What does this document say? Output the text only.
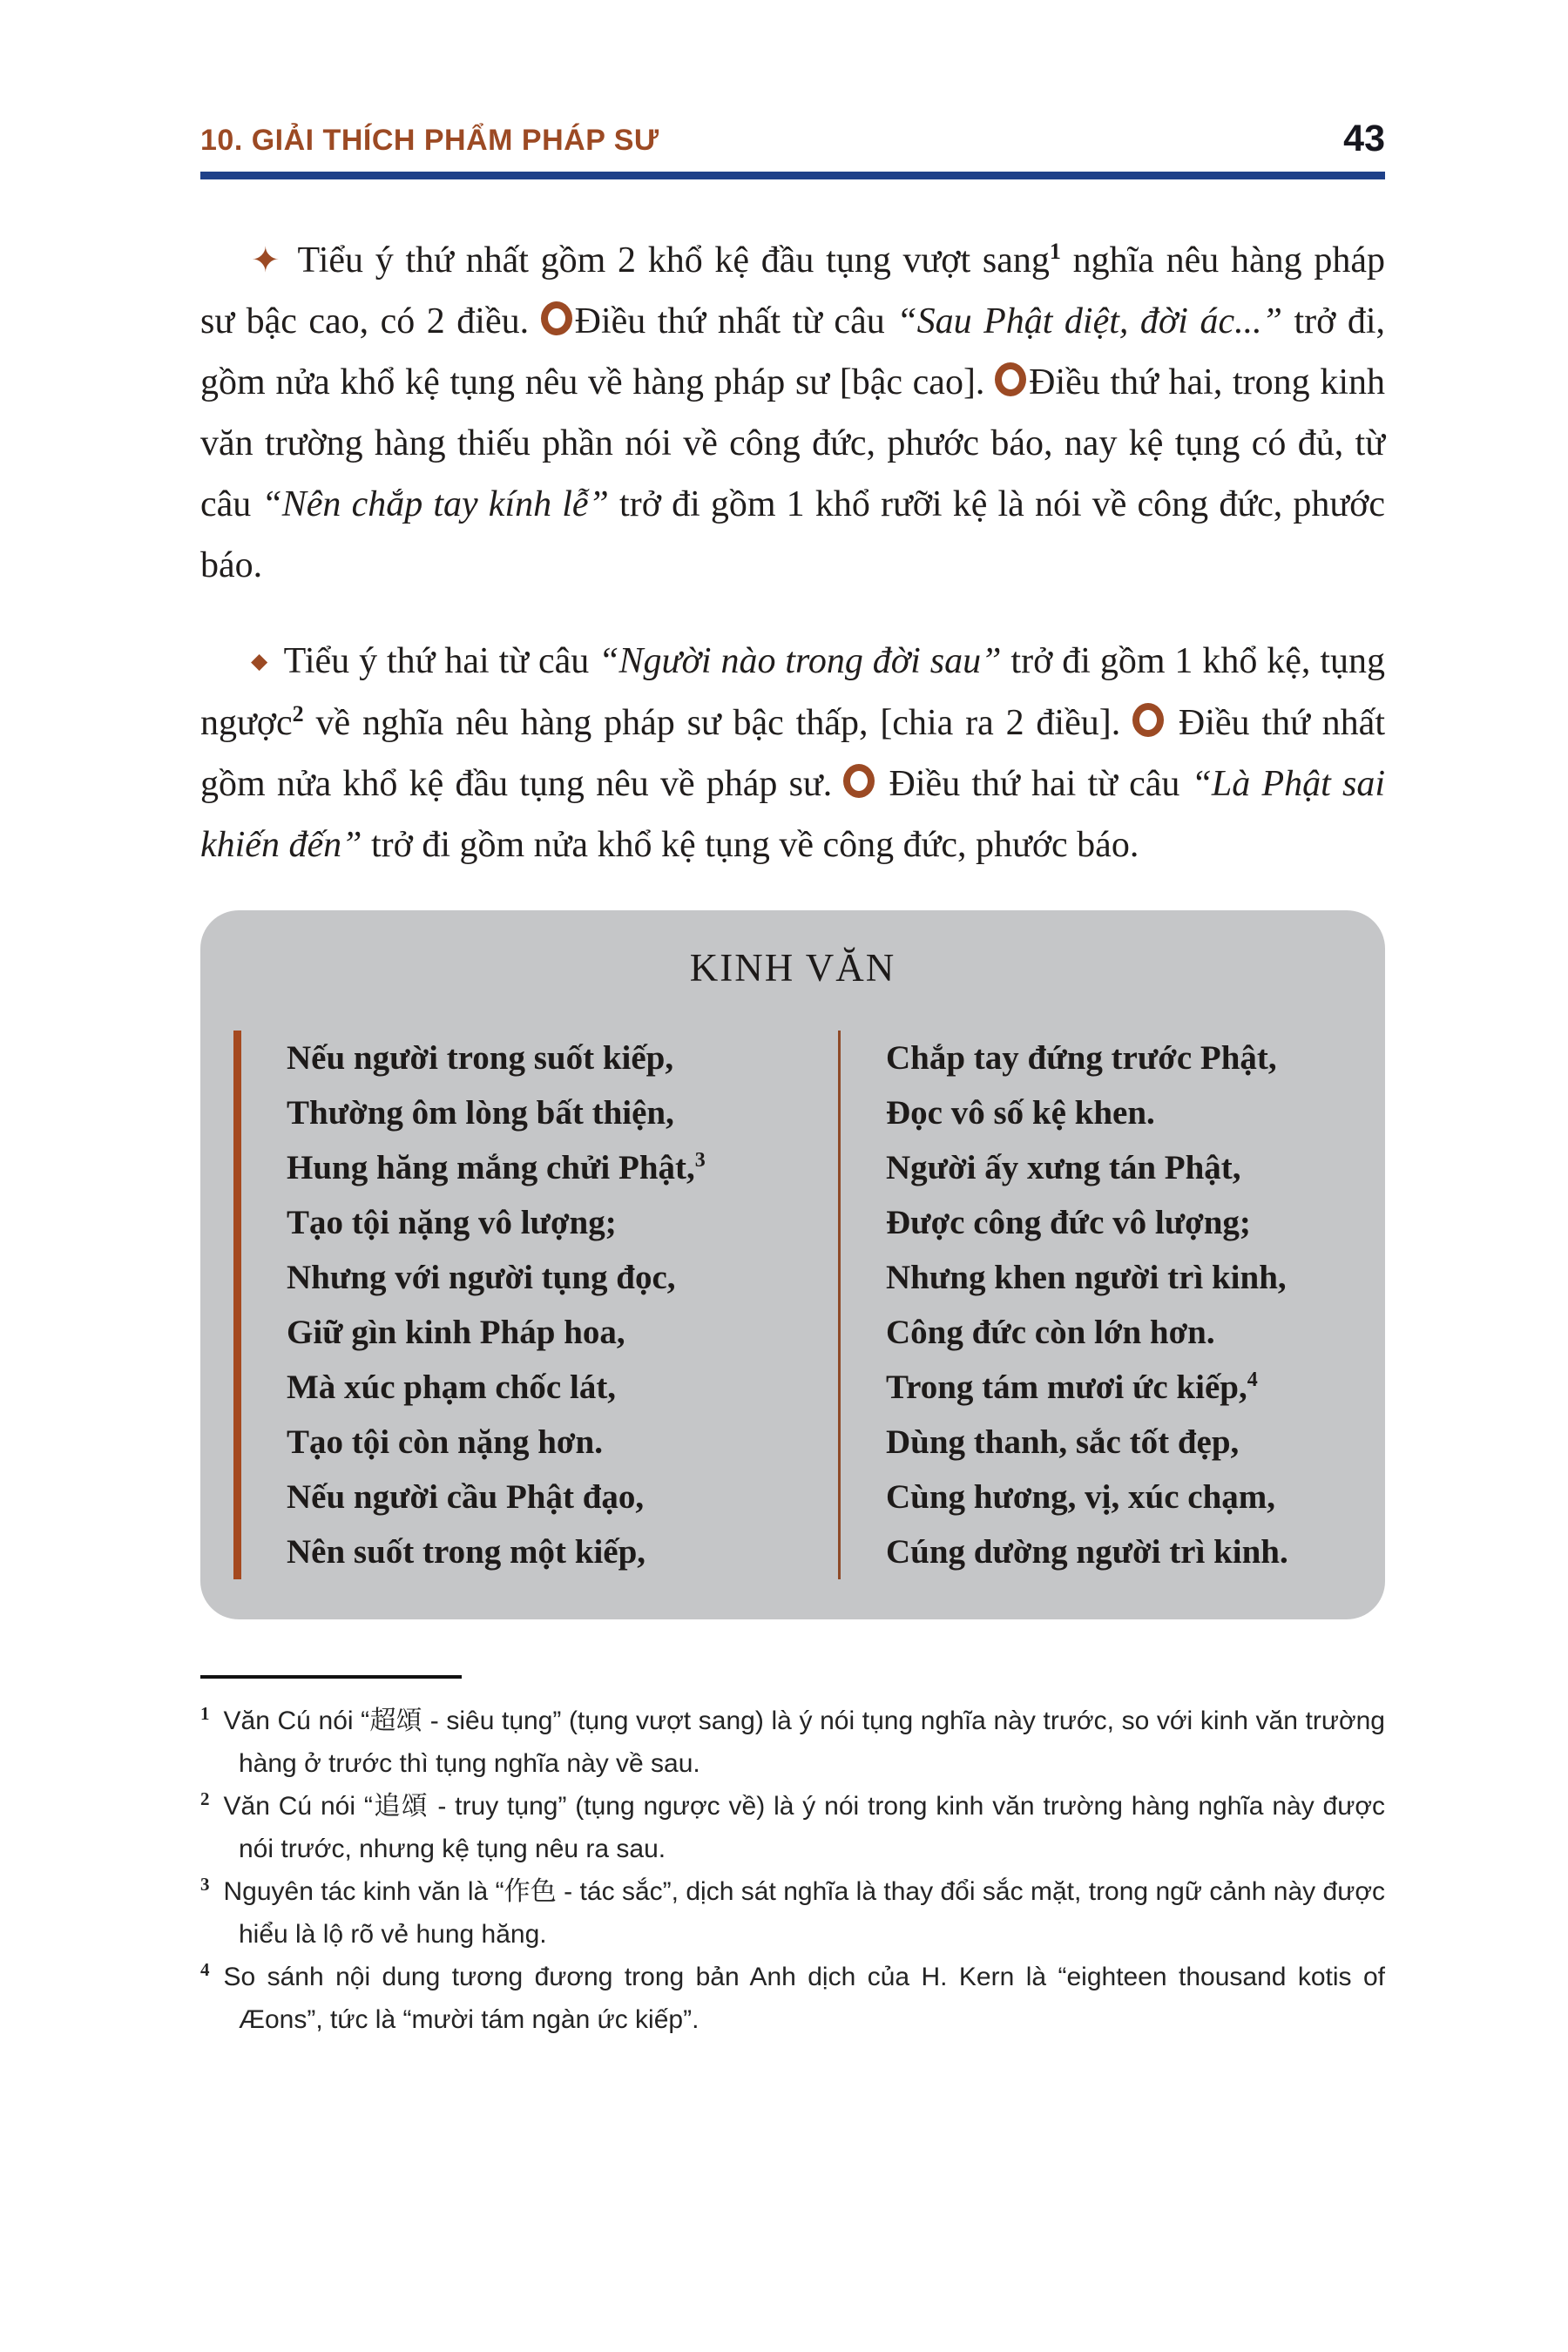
10. GIẢI THÍCH PHẨM PHÁP SƯ	43
✦ Tiểu ý thứ nhất gồm 2 khổ kệ đầu tụng vượt sang$^1$ nghĩa nêu hàng pháp sư bậc cao, có 2 điều. Điều thứ nhất từ câu “Sau Phật diệt, đời ác...” trở đi, gồm nửa khổ kệ tụng nêu về hàng pháp sư [bậc cao]. Điều thứ hai, trong kinh văn trường hàng thiếu phần nói về công đức, phước báo, nay kệ tụng có đủ, từ câu “Nên chắp tay kính lễ” trở đi gồm 1 khổ rưỡi kệ là nói về công đức, phước báo.
◆ Tiểu ý thứ hai từ câu “Người nào trong đời sau” trở đi gồm 1 khổ kệ, tụng ngược$^2$ về nghĩa nêu hàng pháp sư bậc thấp, [chia ra 2 điều].  Điều thứ nhất gồm nửa khổ kệ đầu tụng nêu về pháp sư.  Điều thứ hai từ câu “Là Phật sai khiến đến” trở đi gồm nửa khổ kệ tụng về công đức, phước báo.
KINH VĂN
Nếu người trong suốt kiếp,
Thường ôm lòng bất thiện,
Hung hăng mắng chửi Phật,$^3$
Tạo tội nặng vô lượng;
Nhưng với người tụng đọc,
Giữ gìn kinh Pháp hoa,
Mà xúc phạm chốc lát,
Tạo tội còn nặng hơn.
Nếu người cầu Phật đạo,
Nên suốt trong một kiếp,
Chắp tay đứng trước Phật,
Đọc vô số kệ khen.
Người ấy xưng tán Phật,
Được công đức vô lượng;
Nhưng khen người trì kinh,
Công đức còn lớn hơn.
Trong tám mươi ức kiếp,$^4$
Dùng thanh, sắc tốt đẹp,
Cùng hương, vị, xúc chạm,
Cúng dường người trì kinh.
$^1$ Văn Cú nói “超頌 - siêu tụng” (tụng vượt sang) là ý nói tụng nghĩa này trước, so với kinh văn trường hàng ở trước thì tụng nghĩa này về sau.
$^2$ Văn Cú nói “追頌 - truy tụng” (tụng ngược về) là ý nói trong kinh văn trường hàng nghĩa này được nói trước, nhưng kệ tụng nêu ra sau.
$^3$ Nguyên tác kinh văn là “作色 - tác sắc”, dịch sát nghĩa là thay đổi sắc mặt, trong ngữ cảnh này được hiểu là lộ rõ vẻ hung hăng.
$^4$ So sánh nội dung tương đương trong bản Anh dịch của H. Kern là “eighteen thousand kotis of Æons”, tức là “mười tám ngàn ức kiếp”.
